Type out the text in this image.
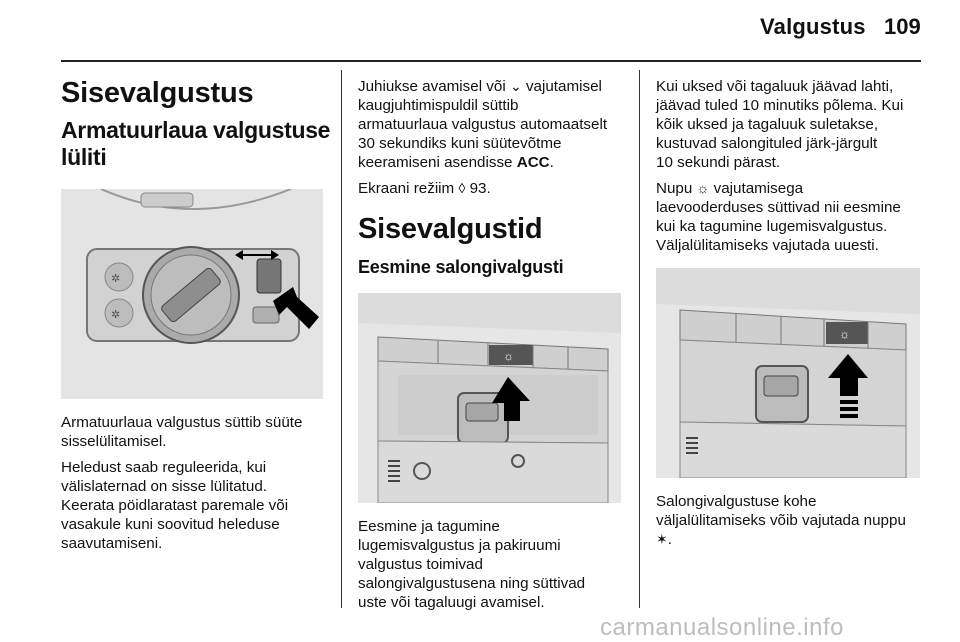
Valgustus 109
Sisevalgustus
Armatuurlaua valgustuse
lüliti
✲
✲

Armatuurlaua valgustus süttib süüte
sisselülitamisel.

Heledust saab reguleerida, kui
välislaternad on sisse lülitatud.
Keerata pöidlaratast paremale või
vasakule kuni soovitud heleduse
saavutamiseni.

Juhiukse avamisel või ⌄ vajutamisel
kaugjuhtimispuldil süttib
armatuurlaua valgustus automaatselt
30 sekundiks kuni süütevõtme
keeramiseni asendisse ACC.

Ekraani režiim ◊ 93.

Sisevalgustid
Eesmine salongivalgusti
☼

Eesmine ja tagumine
lugemisvalgustus ja pakiruumi
valgustus toimivad
salongivalgustusena ning süttivad
uste või tagaluugi avamisel.

Kui uksed või tagaluuk jäävad lahti,
jäävad tuled 10 minutiks põlema. Kui
kõik uksed ja tagaluuk suletakse,
kustuvad salongituled järk-järgult
10 sekundi pärast.

Nupu ☼ vajutamisega
laevooderduses süttivad nii eesmine
kui ka tagumine lugemisvalgustus.
Väljalülitamiseks vajutada uuesti.

☼

Salongivalgustuse kohe
väljalülitamiseks võib vajutada nuppu
✶.

carmanualsonline.info
